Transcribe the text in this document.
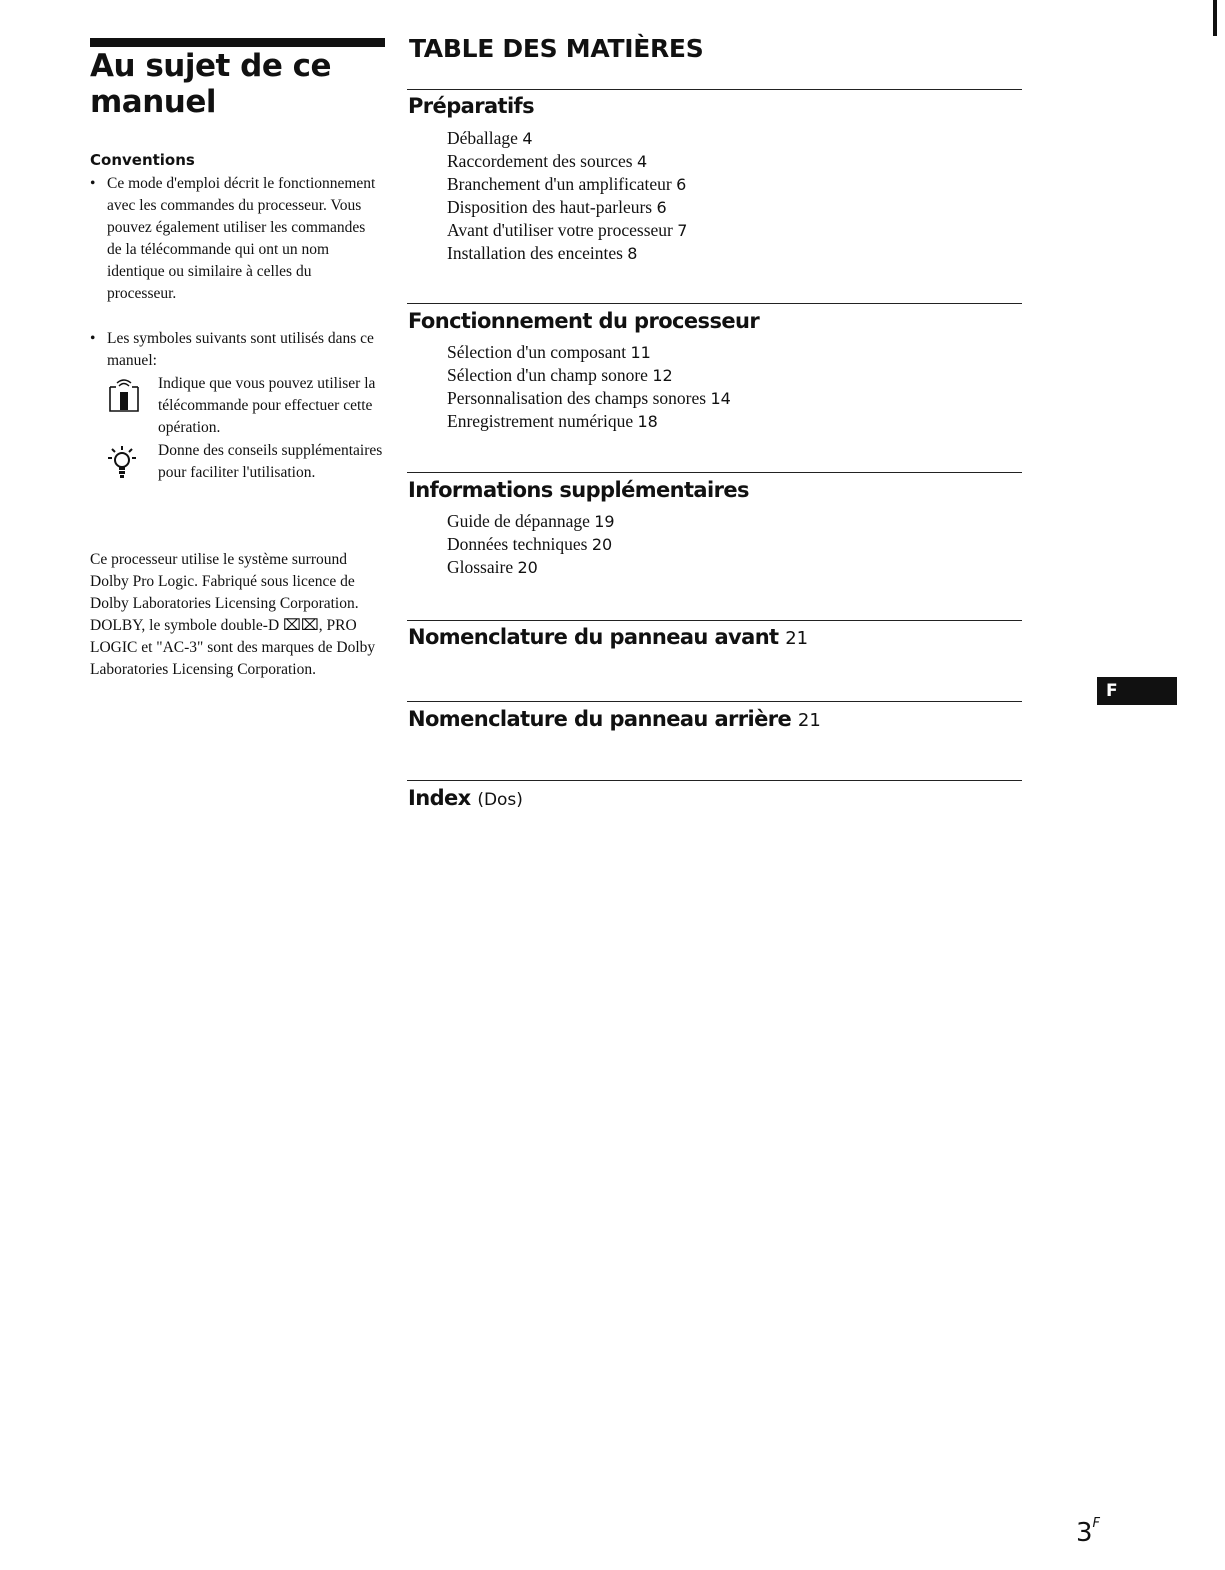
Au sujet de ce
manuel
Conventions
• Ce mode d'emploi décrit le fonctionnement avec les commandes du processeur. Vous pouvez également utiliser les commandes de la télécommande qui ont un nom identique ou similaire à celles du processeur.
• Les symboles suivants sont utilisés dans ce manuel:
Indique que vous pouvez utiliser la télécommande pour effectuer cette opération.
Donne des conseils supplémentaires pour faciliter l'utilisation.
Ce processeur utilise le système surround Dolby Pro Logic. Fabriqué sous licence de Dolby Laboratories Licensing Corporation. DOLBY, le symbole double-D ⌧⌧, PRO LOGIC et "AC-3" sont des marques de Dolby Laboratories Licensing Corporation.
TABLE DES MATIÈRES
Préparatifs
Déballage 4
Raccordement des sources 4
Branchement d'un amplificateur 6
Disposition des haut-parleurs 6
Avant d'utiliser votre processeur 7
Installation des enceintes 8
Fonctionnement du processeur
Sélection d'un composant 11
Sélection d'un champ sonore 12
Personnalisation des champs sonores 14
Enregistrement numérique 18
Informations supplémentaires
Guide de dépannage 19
Données techniques 20
Glossaire 20
Nomenclature du panneau avant 21
Nomenclature du panneau arrière 21
Index (Dos)
F
$3^F$
